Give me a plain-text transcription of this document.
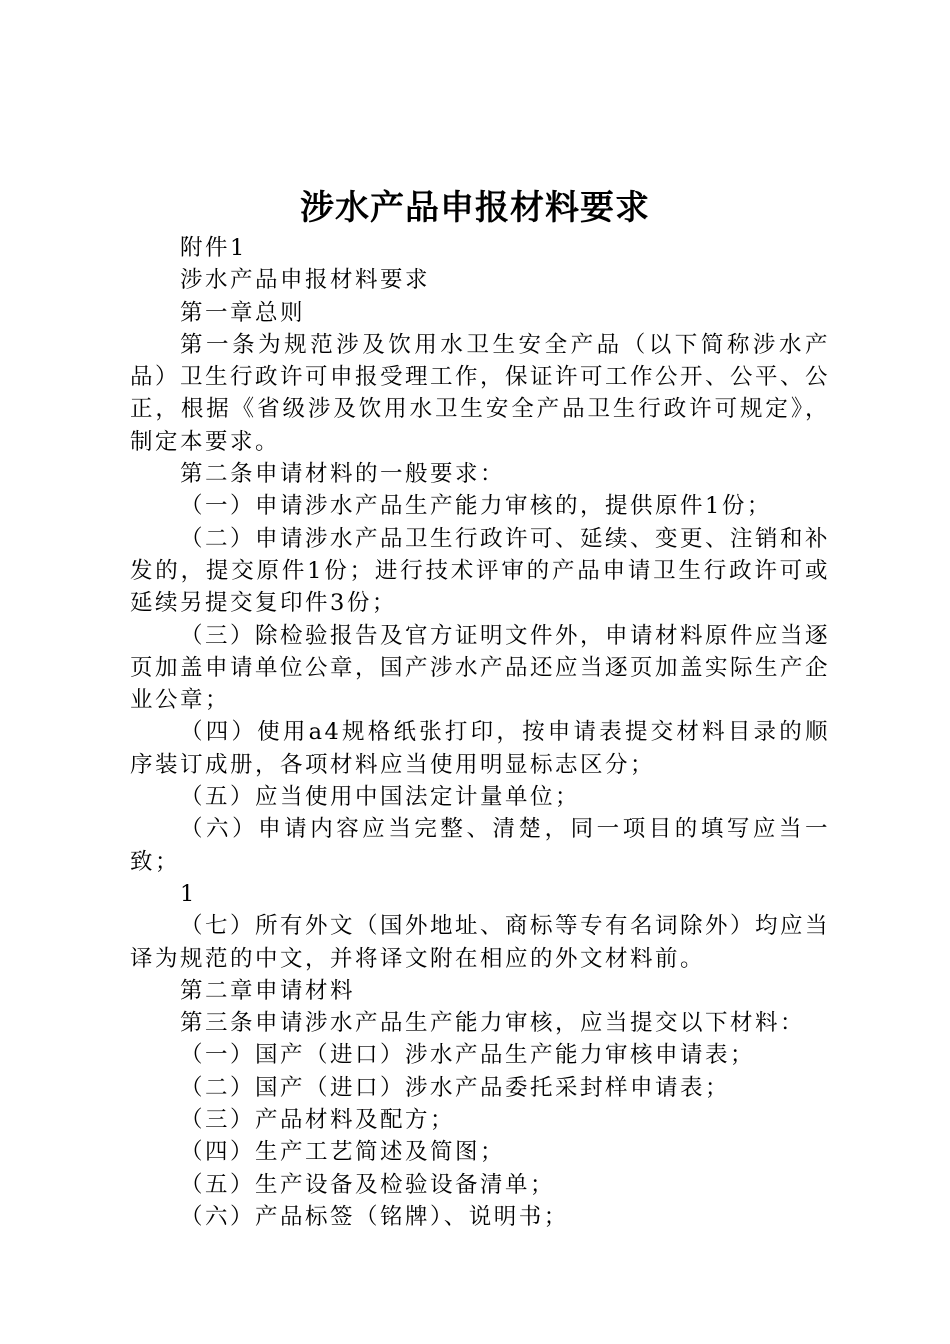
涉水产品申报材料要求

附件1

涉水产品申报材料要求

第一章总则

第一条为规范涉及饮用水卫生安全产品（以下简称涉水产品）卫生行政许可申报受理工作，保证许可工作公开、公平、公正，根据《省级涉及饮用水卫生安全产品卫生行政许可规定》，制定本要求。

第二条申请材料的一般要求：

（一）申请涉水产品生产能力审核的，提供原件1份；

（二）申请涉水产品卫生行政许可、延续、变更、注销和补发的，提交原件1份；进行技术评审的产品申请卫生行政许可或延续另提交复印件3份；

（三）除检验报告及官方证明文件外，申请材料原件应当逐页加盖申请单位公章，国产涉水产品还应当逐页加盖实际生产企业公章；

（四）使用a4规格纸张打印，按申请表提交材料目录的顺序装订成册，各项材料应当使用明显标志区分；

（五）应当使用中国法定计量单位；

（六）申请内容应当完整、清楚，同一项目的填写应当一致；

1

（七）所有外文（国外地址、商标等专有名词除外）均应当译为规范的中文，并将译文附在相应的外文材料前。

第二章申请材料

第三条申请涉水产品生产能力审核，应当提交以下材料：

（一）国产（进口）涉水产品生产能力审核申请表；

（二）国产（进口）涉水产品委托采封样申请表；

（三）产品材料及配方；

（四）生产工艺简述及简图；

（五）生产设备及检验设备清单；

（六）产品标签（铭牌）、说明书；
